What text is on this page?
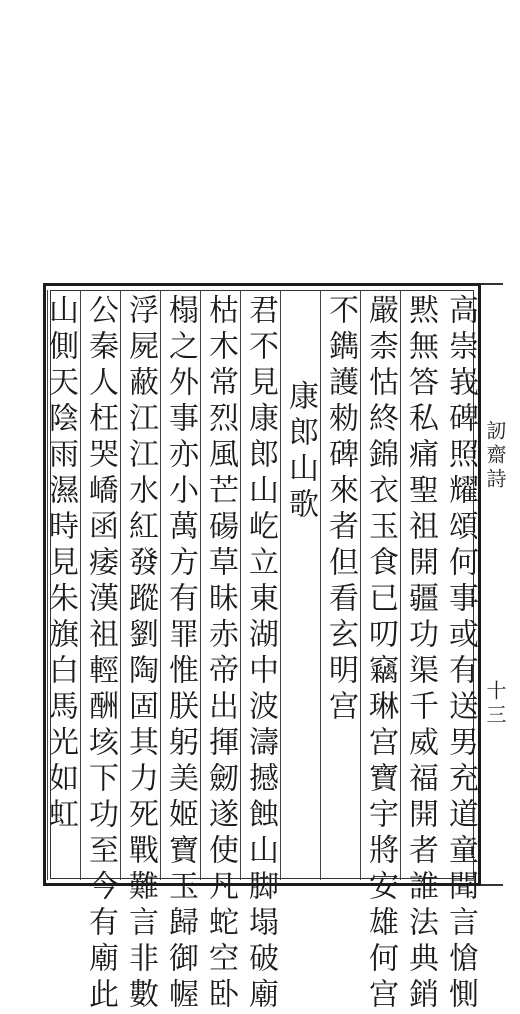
訒齋詩
十三
高崇峩碑照耀頌何事或有送男充道童聞言愴惻
黙無答私痛聖祖開疆功渠千威福開者誰法典銷
嚴柰怙終錦衣玉食已叨竊琳宫寶宇將安雄何宫
不鐫護勑碑來者但看玄明宫
康郎山歌
君不見康郎山屹立東湖中波濤撼蝕山脚塌破廟
枯木常烈風芒碭草昧赤帝出揮劒遂使凡蛇空卧
榻之外事亦小萬方有罪惟朕躬美姬寶玉歸御幄
浮屍蔽江江水紅發蹤劉陶固其力死戰難言非數
公秦人枉哭嶠函痿漢祖輕酬垓下功至今有廟此
山側天陰雨濕時見朱旗白馬光如虹
